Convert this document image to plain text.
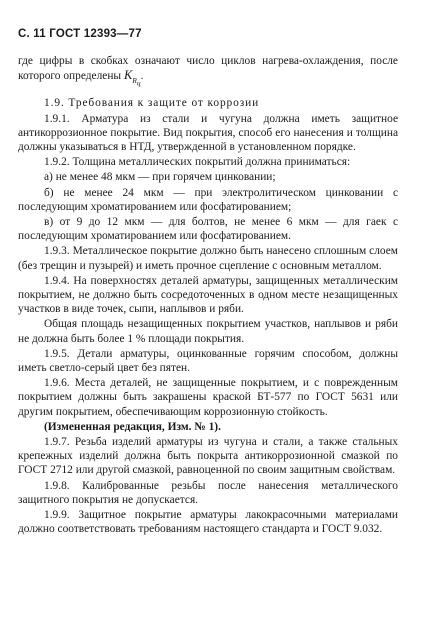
С. 11 ГОСТ 12393—77

где цифры в скобках означают число циклов нагрева-охлаждения, после которого определены $K_{R_ц}$.

1.9. Требования к защите от коррозии

1.9.1. Арматура из стали и чугуна должна иметь защитное антикоррозионное покрытие. Вид покрытия, способ его нанесения и толщина должны указываться в НТД, утвержденной в установленном порядке.

1.9.2. Толщина металлических покрытий должна приниматься:

а) не менее 48 мкм — при горячем цинковании;

б) не менее 24 мкм — при электролитическом цинковании с последующим хроматированием или фосфатированием;

в) от 9 до 12 мкм — для болтов, не менее 6 мкм — для гаек с последующим хроматированием или фосфатированием.

1.9.3. Металлическое покрытие должно быть нанесено сплошным слоем (без трещин и пузырей) и иметь прочное сцепление с основным металлом.

1.9.4. На поверхностях деталей арматуры, защищенных металлическим покрытием, не должно быть сосредоточенных в одном месте незащищенных участков в виде точек, сыпи, наплывов и ряби.

Общая площадь незащищенных покрытием участков, наплывов и ряби не должна быть более 1 % площади покрытия.

1.9.5. Детали арматуры, оцинкованные горячим способом, должны иметь светло-серый цвет без пятен.

1.9.6. Места деталей, не защищенные покрытием, и с поврежденным покрытием должны быть закрашены краской БТ-577 по ГОСТ 5631 или другим покрытием, обеспечивающим коррозионную стойкость.

(Измененная редакция, Изм. № 1).

1.9.7. Резьба изделий арматуры из чугуна и стали, а также стальных крепежных изделий должна быть покрыта антикоррозионной смазкой по ГОСТ 2712 или другой смазкой, равноценной по своим защитным свойствам.

1.9.8. Калиброванные резьбы после нанесения металлического защитного покрытия не допускается.

1.9.9. Защитное покрытие арматуры лакокрасочными материалами должно соответствовать требованиям настоящего стандарта и ГОСТ 9.032.
